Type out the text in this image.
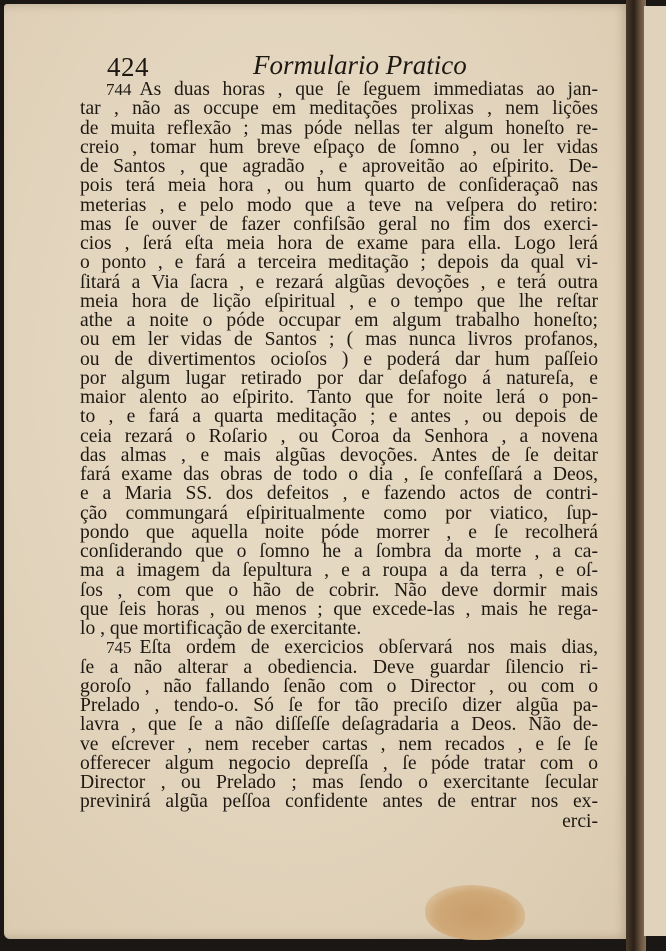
424	Formulario Pratico
744 As duas horas , que ſe ſeguem immediatas ao jan-
tar , não as occupe em meditações prolixas , nem lições
de muita reflexão ; mas póde nellas ter algum honeſto re-
creio , tomar hum breve eſpaço de ſomno , ou ler vidas
de Santos , que agradão , e aproveitão ao eſpirito. De-
pois terá meia hora , ou hum quarto de conſideraçaõ nas
meterias , e pelo modo que a teve na veſpera do retiro:
mas ſe ouver de fazer confiſsão geral no fim dos exerci-
cios , ſerá eſta meia hora de exame para ella. Logo lerá
o ponto , e fará a terceira meditação ; depois da qual vi-
ſitará a Via ſacra , e rezará algũas devoções , e terá outra
meia hora de lição eſpiritual , e o tempo que lhe reſtar
athe a noite o póde occupar em algum trabalho honeſto;
ou em ler vidas de Santos ; ( mas nunca livros profanos,
ou de divertimentos ocioſos ) e poderá dar hum paſſeio
por algum lugar retirado por dar deſafogo á natureſa, e
maior alento ao eſpirito. Tanto que for noite lerá o pon-
to , e fará a quarta meditação ; e antes , ou depois de
ceia rezará o Roſario , ou Coroa da Senhora , a novena
das almas , e mais algũas devoções. Antes de ſe deitar
fará exame das obras de todo o dia , ſe confeſſará a Deos,
e a Maria SS. dos defeitos , e fazendo actos de contri-
ção commungará eſpiritualmente como por viatico, ſup-
pondo que aquella noite póde morrer , e ſe recolherá
conſiderando que o ſomno he a ſombra da morte , a ca-
ma a imagem da ſepultura , e a roupa a da terra , e oſ-
ſos , com que o hão de cobrir. Não deve dormir mais
que ſeis horas , ou menos ; que excede-las , mais he rega-
lo , que mortificação de exercitante.
745 Eſta ordem de exercicios obſervará nos mais dias,
ſe a não alterar a obediencia. Deve guardar ſilencio ri-
goroſo , não fallando ſenão com o Director , ou com o
Prelado , tendo-o. Só ſe for tão preciſo dizer algũa pa-
lavra , que ſe a não diſſeſſe deſagradaria a Deos. Não de-
ve eſcrever , nem receber cartas , nem recados , e ſe ſe
offerecer algum negocio depreſſa , ſe póde tratar com o
Director , ou Prelado ; mas ſendo o exercitante ſecular
previnirá algũa peſſoa confidente antes de entrar nos ex-
erci-
